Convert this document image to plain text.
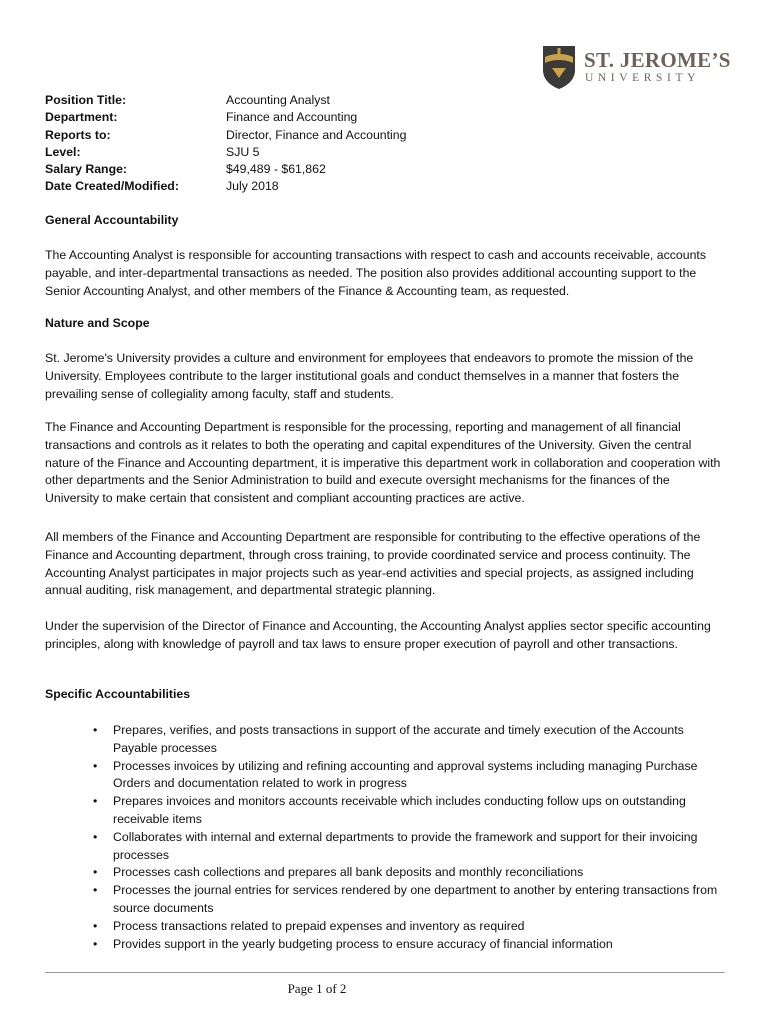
ST. JEROME’S
UNIVERSITY
Position Title:	Accounting Analyst
Department:	Finance and Accounting
Reports to:	Director, Finance and Accounting
Level:	SJU 5
Salary Range:	$49,489 - $61,862
Date Created/Modified:	July 2018
General Accountability
The Accounting Analyst is responsible for accounting transactions with respect to cash and accounts receivable, accounts payable, and inter-departmental transactions as needed. The position also provides additional accounting support to the Senior Accounting Analyst, and other members of the Finance & Accounting team, as requested.
Nature and Scope
St. Jerome's University provides a culture and environment for employees that endeavors to promote the mission of the University. Employees contribute to the larger institutional goals and conduct themselves in a manner that fosters the prevailing sense of collegiality among faculty, staff and students.
The Finance and Accounting Department is responsible for the processing, reporting and management of all financial transactions and controls as it relates to both the operating and capital expenditures of the University. Given the central nature of the Finance and Accounting department, it is imperative this department work in collaboration and cooperation with other departments and the Senior Administration to build and execute oversight mechanisms for the finances of the University to make certain that consistent and compliant accounting practices are active.
All members of the Finance and Accounting Department are responsible for contributing to the effective operations of the Finance and Accounting department, through cross training, to provide coordinated service and process continuity. The Accounting Analyst participates in major projects such as year-end activities and special projects, as assigned including annual auditing, risk management, and departmental strategic planning.
Under the supervision of the Director of Finance and Accounting, the Accounting Analyst applies sector specific accounting principles, along with knowledge of payroll and tax laws to ensure proper execution of payroll and other transactions.
Specific Accountabilities
• Prepares, verifies, and posts transactions in support of the accurate and timely execution of the Accounts Payable processes
• Processes invoices by utilizing and refining accounting and approval systems including managing Purchase Orders and documentation related to work in progress
• Prepares invoices and monitors accounts receivable which includes conducting follow ups on outstanding receivable items
• Collaborates with internal and external departments to provide the framework and support for their invoicing processes
• Processes cash collections and prepares all bank deposits and monthly reconciliations
• Processes the journal entries for services rendered by one department to another by entering transactions from source documents
• Process transactions related to prepaid expenses and inventory as required
• Provides support in the yearly budgeting process to ensure accuracy of financial information
Page 1 of 2
